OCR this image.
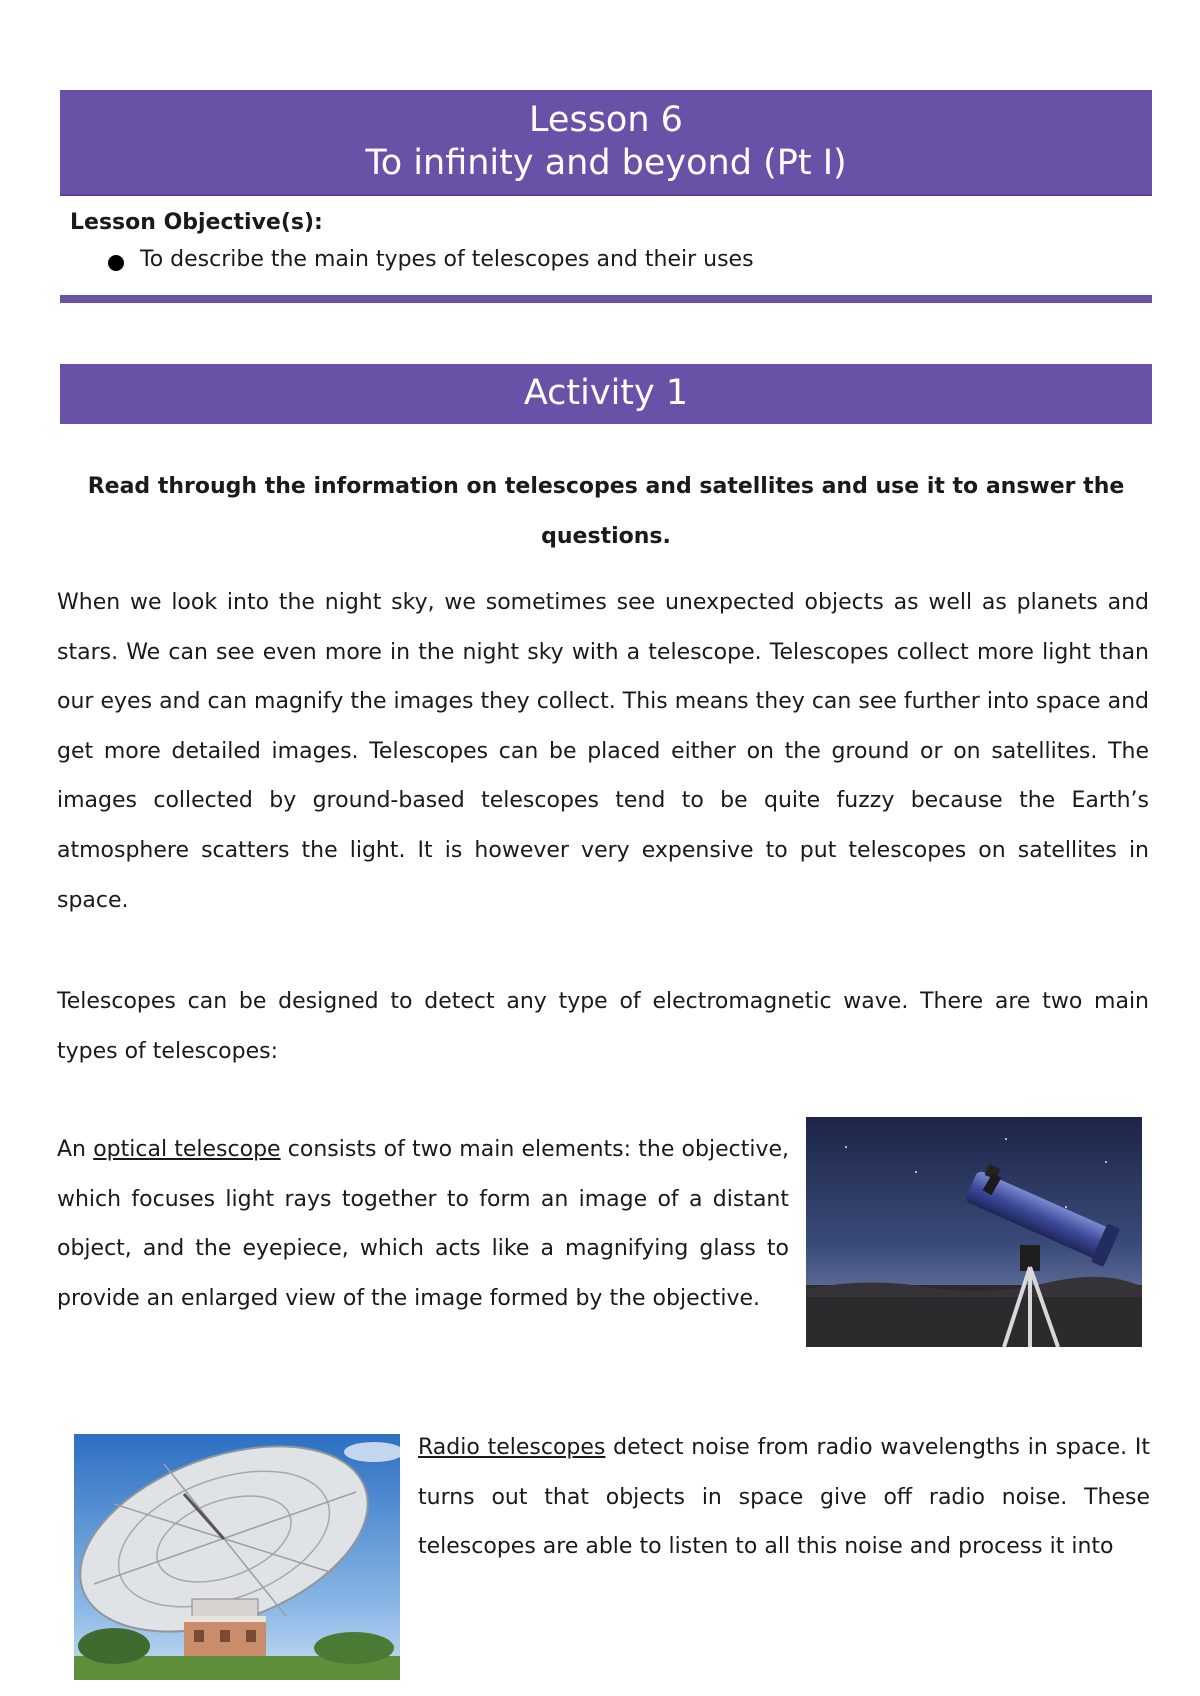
Lesson 6
To infinity and beyond (Pt I)
Lesson Objective(s):
To describe the main types of telescopes and their uses
Activity 1
Read through the information on telescopes and satellites and use it to answer the questions.
When we look into the night sky, we sometimes see unexpected objects as well as planets and stars. We can see even more in the night sky with a telescope. Telescopes collect more light than our eyes and can magnify the images they collect. This means they can see further into space and get more detailed images. Telescopes can be placed either on the ground or on satellites. The images collected by ground-based telescopes tend to be quite fuzzy because the Earth’s atmosphere scatters the light. It is however very expensive to put telescopes on satellites in space.
Telescopes can be designed to detect any type of electromagnetic wave. There are two main types of telescopes:
An optical telescope consists of two main elements: the objective, which focuses light rays together to form an image of a distant object, and the eyepiece, which acts like a magnifying glass to provide an enlarged view of the image formed by the objective.
Radio telescopes detect noise from radio wavelengths in space. It turns out that objects in space give off radio noise. These telescopes are able to listen to all this noise and process it into
